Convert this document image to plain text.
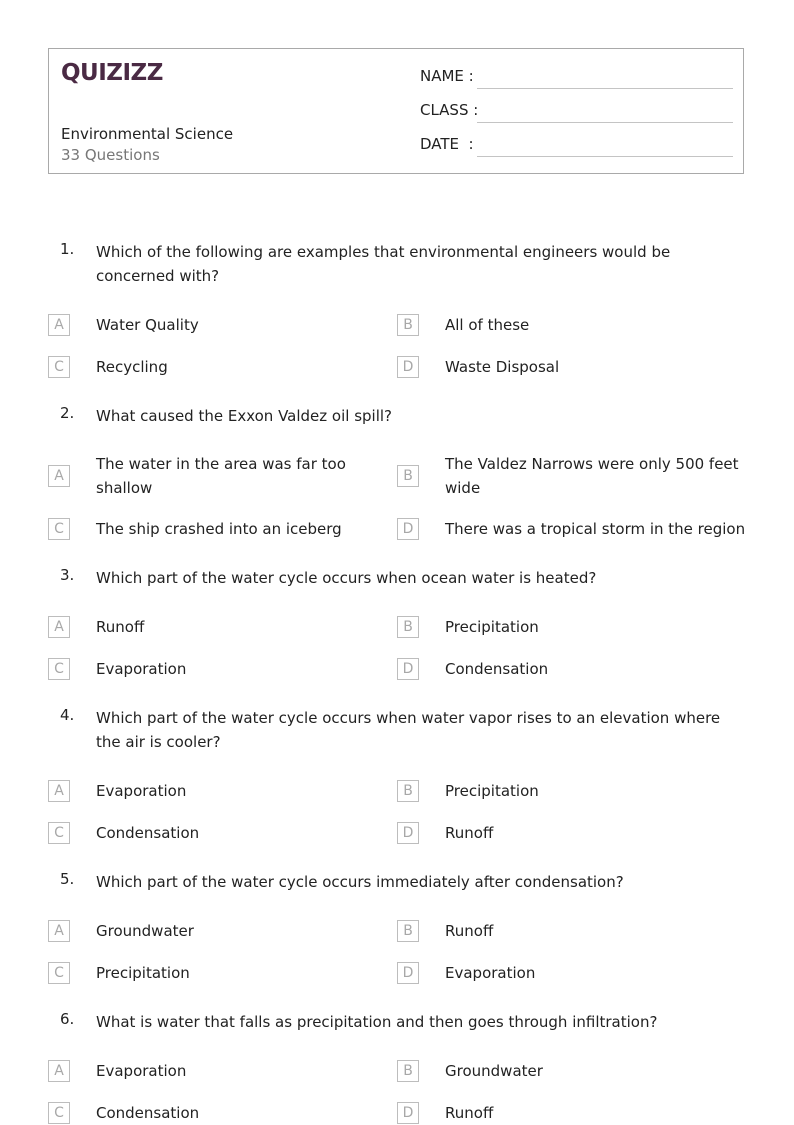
QUIZIZZ
Environmental Science
33 Questions
NAME :
CLASS :
DATE  :
1. Which of the following are examples that environmental engineers would be concerned with?
A	Water Quality	B	All of these
C	Recycling	D	Waste Disposal
2. What caused the Exxon Valdez oil spill?
A
The water in the area was far too shallow
B
The Valdez Narrows were only 500 feet wide
C	The ship crashed into an iceberg	D	There was a tropical storm in the region
3. Which part of the water cycle occurs when ocean water is heated?
A	Runoff	B	Precipitation
C	Evaporation	D	Condensation
4. Which part of the water cycle occurs when water vapor rises to an elevation where the air is cooler?
A	Evaporation	B	Precipitation
C	Condensation	D	Runoff
5. Which part of the water cycle occurs immediately after condensation?
A	Groundwater	B	Runoff
C	Precipitation	D	Evaporation
6. What is water that falls as precipitation and then goes through infiltration?
A	Evaporation	B	Groundwater
C	Condensation	D	Runoff
